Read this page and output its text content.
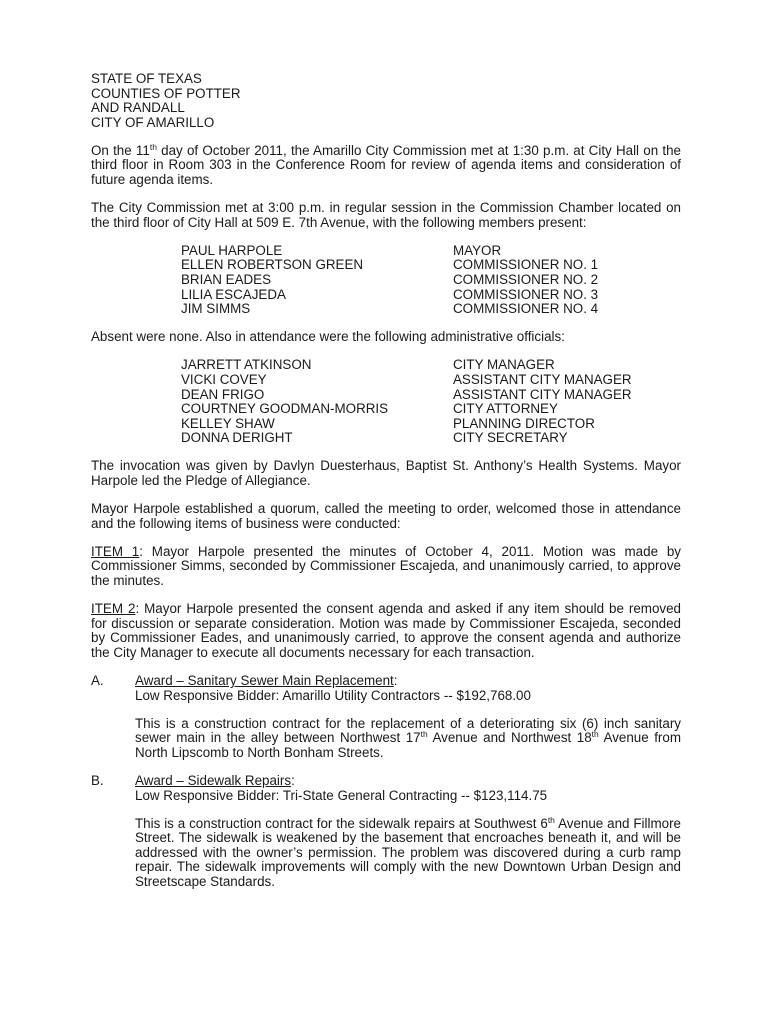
STATE OF TEXAS
COUNTIES OF POTTER
AND RANDALL
CITY OF AMARILLO

On the 11th day of October 2011, the Amarillo City Commission met at 1:30 p.m. at City Hall on the third floor in Room 303 in the Conference Room for review of agenda items and consideration of future agenda items.

The City Commission met at 3:00 p.m. in regular session in the Commission Chamber located on the third floor of City Hall at 509 E. 7th Avenue, with the following members present:

PAUL HARPOLE	MAYOR
ELLEN ROBERTSON GREEN	COMMISSIONER NO. 1
BRIAN EADES	COMMISSIONER NO. 2
LILIA ESCAJEDA	COMMISSIONER NO. 3
JIM SIMMS	COMMISSIONER NO. 4

Absent were none. Also in attendance were the following administrative officials:

JARRETT ATKINSON	CITY MANAGER
VICKI COVEY	ASSISTANT CITY MANAGER
DEAN FRIGO	ASSISTANT CITY MANAGER
COURTNEY GOODMAN-MORRIS	CITY ATTORNEY
KELLEY SHAW	PLANNING DIRECTOR
DONNA DERIGHT	CITY SECRETARY

The invocation was given by Davlyn Duesterhaus, Baptist St. Anthony’s Health Systems. Mayor Harpole led the Pledge of Allegiance.

Mayor Harpole established a quorum, called the meeting to order, welcomed those in attendance and the following items of business were conducted:

ITEM 1: Mayor Harpole presented the minutes of October 4, 2011. Motion was made by Commissioner Simms, seconded by Commissioner Escajeda, and unanimously carried, to approve the minutes.

ITEM 2: Mayor Harpole presented the consent agenda and asked if any item should be removed for discussion or separate consideration. Motion was made by Commissioner Escajeda, seconded by Commissioner Eades, and unanimously carried, to approve the consent agenda and authorize the City Manager to execute all documents necessary for each transaction.

A.	Award – Sanitary Sewer Main Replacement:
Low Responsive Bidder: Amarillo Utility Contractors -- $192,768.00

This is a construction contract for the replacement of a deteriorating six (6) inch sanitary sewer main in the alley between Northwest 17th Avenue and Northwest 18th Avenue from North Lipscomb to North Bonham Streets.

B.	Award – Sidewalk Repairs:
Low Responsive Bidder: Tri-State General Contracting -- $123,114.75

This is a construction contract for the sidewalk repairs at Southwest 6th Avenue and Fillmore Street. The sidewalk is weakened by the basement that encroaches beneath it, and will be addressed with the owner’s permission. The problem was discovered during a curb ramp repair. The sidewalk improvements will comply with the new Downtown Urban Design and Streetscape Standards.
